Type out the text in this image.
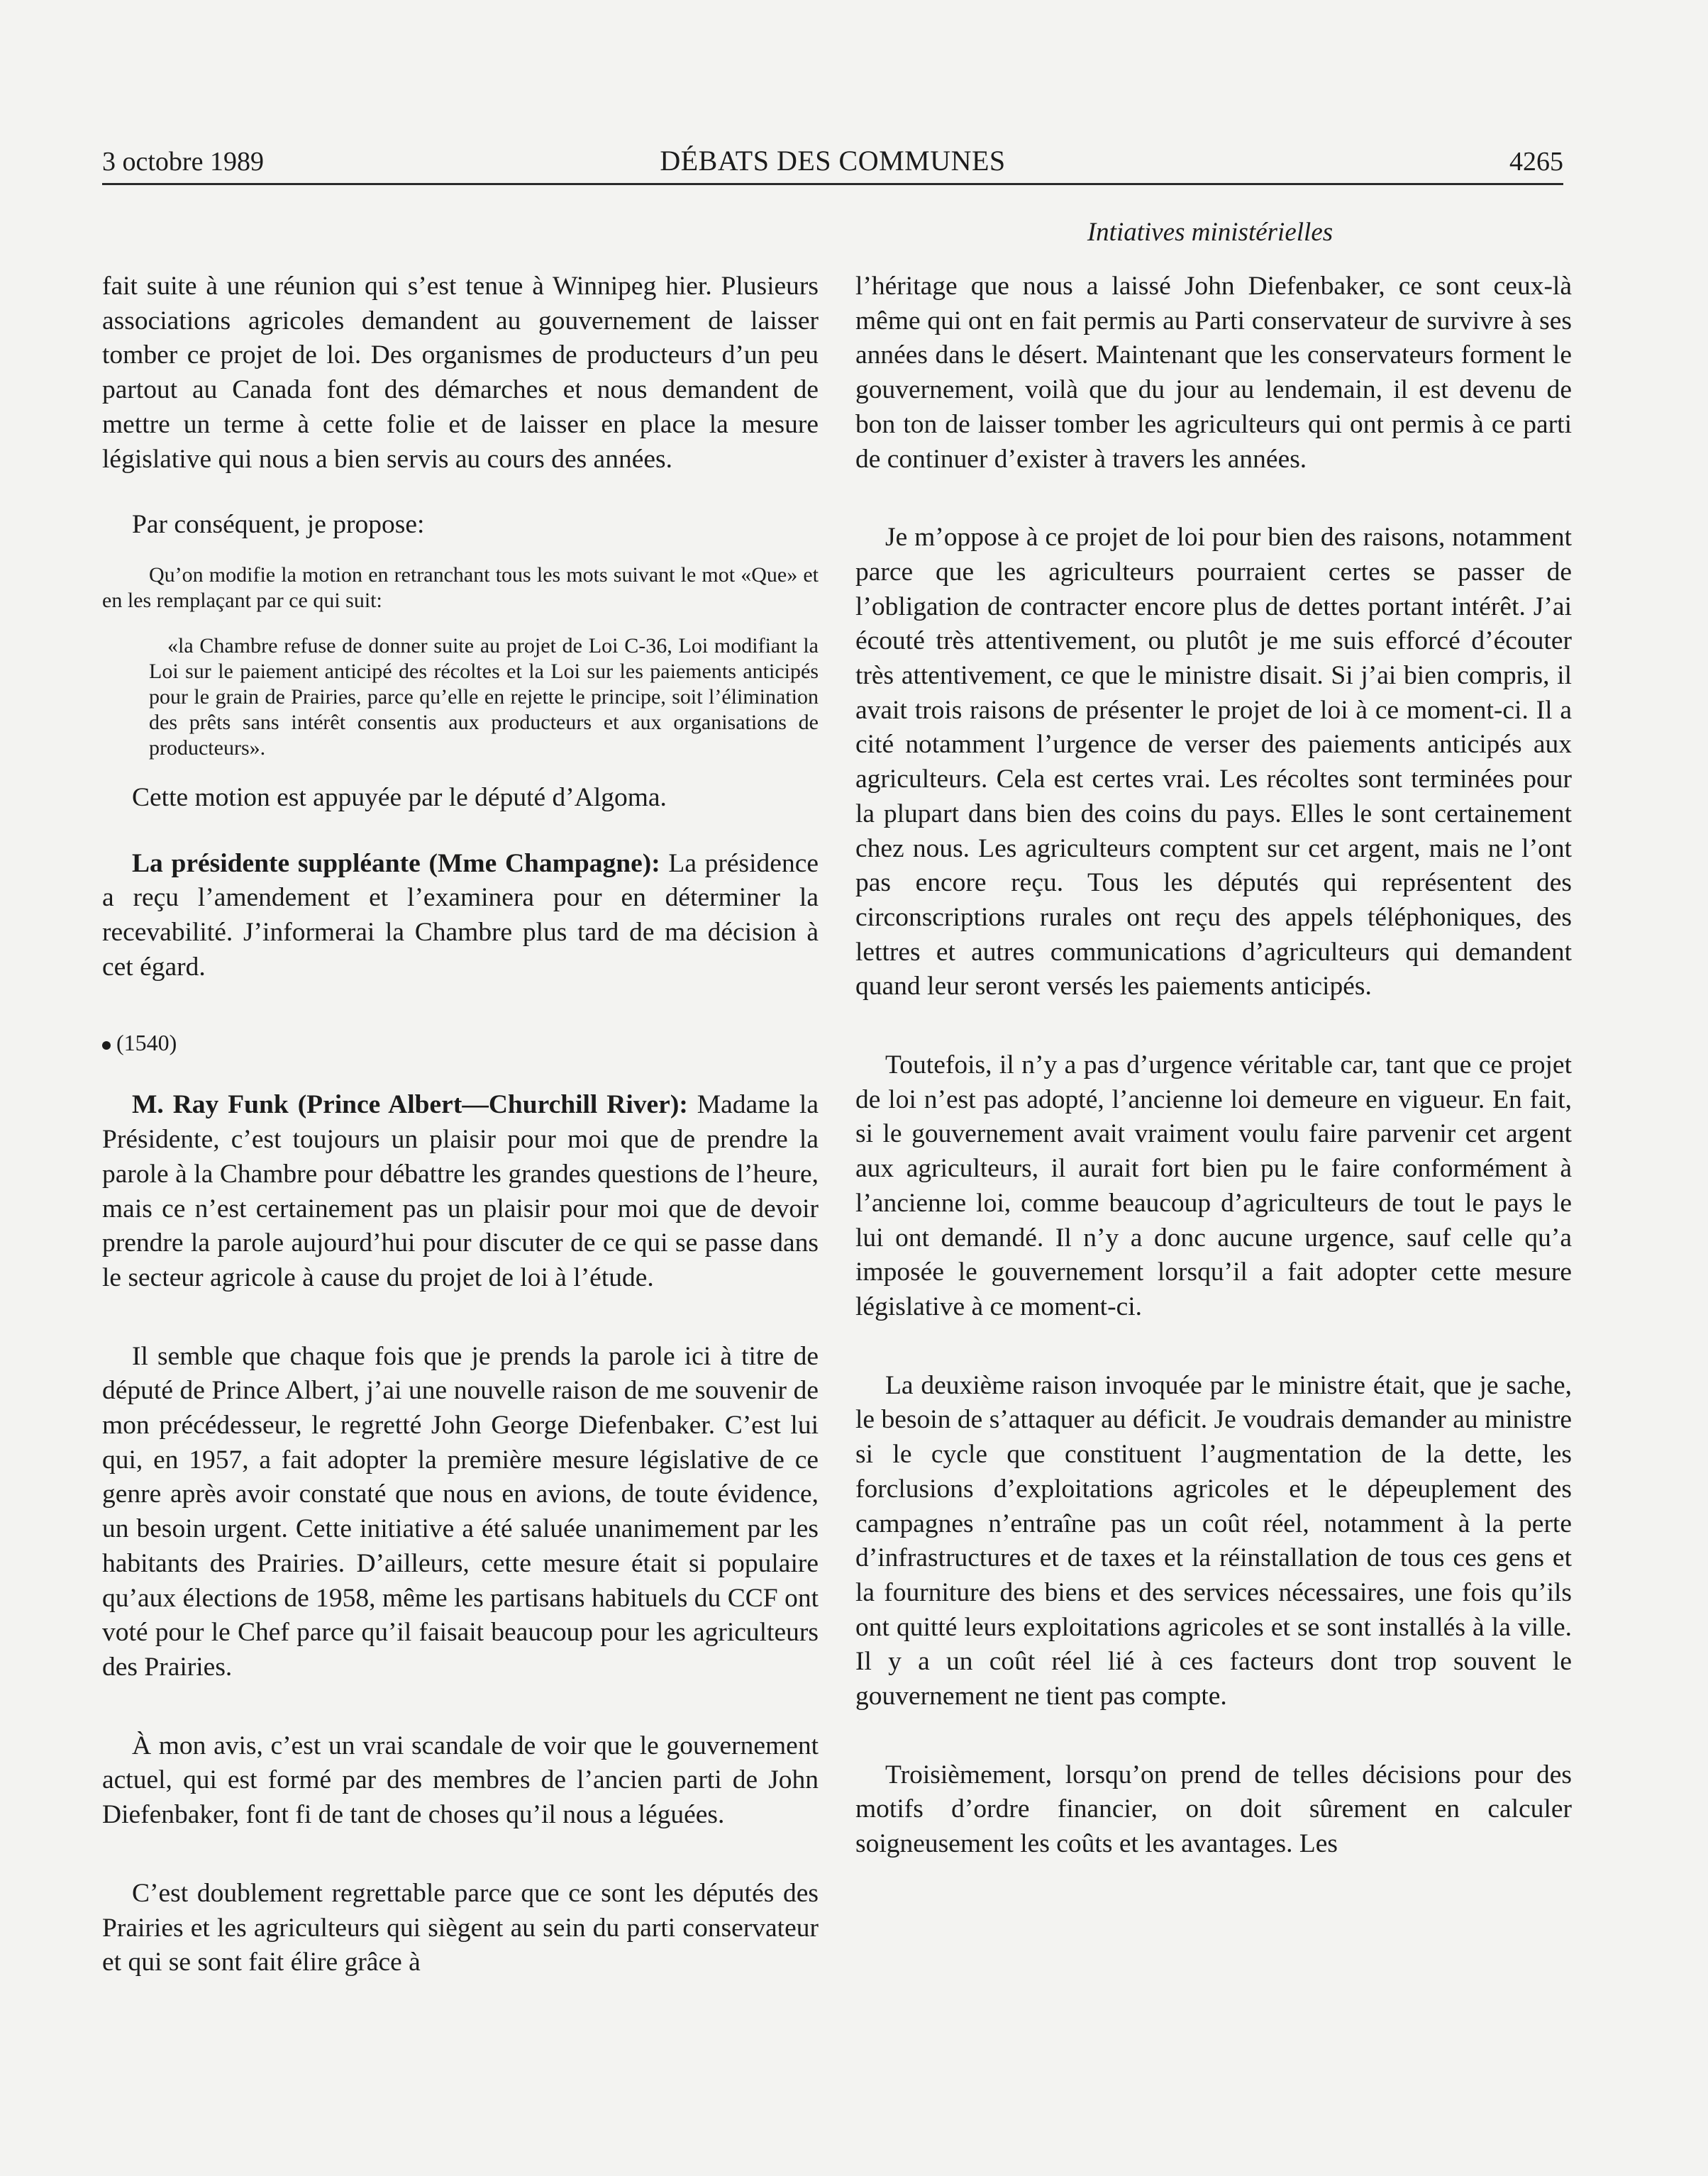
3 octobre 1989	DÉBATS DES COMMUNES	4265
Intiatives ministérielles

fait suite à une réunion qui s’est tenue à Winnipeg hier. Plusieurs associations agricoles demandent au gouvernement de laisser tomber ce projet de loi. Des organismes de producteurs d’un peu partout au Canada font des démarches et nous demandent de mettre un terme à cette folie et de laisser en place la mesure législative qui nous a bien servis au cours des années.

Par conséquent, je propose:

Qu’on modifie la motion en retranchant tous les mots suivant le mot «Que» et en les remplaçant par ce qui suit:

«la Chambre refuse de donner suite au projet de Loi C-36, Loi modifiant la Loi sur le paiement anticipé des récoltes et la Loi sur les paiements anticipés pour le grain de Prairies, parce qu’elle en rejette le principe, soit l’élimination des prêts sans intérêt consentis aux producteurs et aux organisations de producteurs».

Cette motion est appuyée par le député d’Algoma.

La présidente suppléante (Mme Champagne): La présidence a reçu l’amendement et l’examinera pour en déterminer la recevabilité. J’informerai la Chambre plus tard de ma décision à cet égard.

(1540)

M. Ray Funk (Prince Albert—Churchill River): Madame la Présidente, c’est toujours un plaisir pour moi que de prendre la parole à la Chambre pour débattre les grandes questions de l’heure, mais ce n’est certainement pas un plaisir pour moi que de devoir prendre la parole aujourd’hui pour discuter de ce qui se passe dans le secteur agricole à cause du projet de loi à l’étude.

Il semble que chaque fois que je prends la parole ici à titre de député de Prince Albert, j’ai une nouvelle raison de me souvenir de mon précédesseur, le regretté John George Diefenbaker. C’est lui qui, en 1957, a fait adopter la première mesure législative de ce genre après avoir constaté que nous en avions, de toute évidence, un besoin urgent. Cette initiative a été saluée unanimement par les habitants des Prairies. D’ailleurs, cette mesure était si populaire qu’aux élections de 1958, même les partisans habituels du CCF ont voté pour le Chef parce qu’il faisait beaucoup pour les agriculteurs des Prairies.

À mon avis, c’est un vrai scandale de voir que le gouvernement actuel, qui est formé par des membres de l’ancien parti de John Diefenbaker, font fi de tant de choses qu’il nous a léguées.

C’est doublement regrettable parce que ce sont les députés des Prairies et les agriculteurs qui siègent au sein du parti conservateur et qui se sont fait élire grâce à

l’héritage que nous a laissé John Diefenbaker, ce sont ceux-là même qui ont en fait permis au Parti conservateur de survivre à ses années dans le désert. Maintenant que les conservateurs forment le gouvernement, voilà que du jour au lendemain, il est devenu de bon ton de laisser tomber les agriculteurs qui ont permis à ce parti de continuer d’exister à travers les années.

Je m’oppose à ce projet de loi pour bien des raisons, notamment parce que les agriculteurs pourraient certes se passer de l’obligation de contracter encore plus de dettes portant intérêt. J’ai écouté très attentivement, ou plutôt je me suis efforcé d’écouter très attentivement, ce que le ministre disait. Si j’ai bien compris, il avait trois raisons de présenter le projet de loi à ce moment-ci. Il a cité notamment l’urgence de verser des paiements anticipés aux agriculteurs. Cela est certes vrai. Les récoltes sont terminées pour la plupart dans bien des coins du pays. Elles le sont certainement chez nous. Les agriculteurs comptent sur cet argent, mais ne l’ont pas encore reçu. Tous les députés qui représentent des circonscriptions rurales ont reçu des appels téléphoniques, des lettres et autres communications d’agriculteurs qui demandent quand leur seront versés les paiements anticipés.

Toutefois, il n’y a pas d’urgence véritable car, tant que ce projet de loi n’est pas adopté, l’ancienne loi demeure en vigueur. En fait, si le gouvernement avait vraiment voulu faire parvenir cet argent aux agriculteurs, il aurait fort bien pu le faire conformément à l’ancienne loi, comme beaucoup d’agriculteurs de tout le pays le lui ont demandé. Il n’y a donc aucune urgence, sauf celle qu’a imposée le gouvernement lorsqu’il a fait adopter cette mesure législative à ce moment-ci.

La deuxième raison invoquée par le ministre était, que je sache, le besoin de s’attaquer au déficit. Je voudrais demander au ministre si le cycle que constituent l’augmentation de la dette, les forclusions d’exploitations agricoles et le dépeuplement des campagnes n’entraîne pas un coût réel, notamment à la perte d’infrastructures et de taxes et la réinstallation de tous ces gens et la fourniture des biens et des services nécessaires, une fois qu’ils ont quitté leurs exploitations agricoles et se sont installés à la ville. Il y a un coût réel lié à ces facteurs dont trop souvent le gouvernement ne tient pas compte.

Troisièmement, lorsqu’on prend de telles décisions pour des motifs d’ordre financier, on doit sûrement en calculer soigneusement les coûts et les avantages. Les
